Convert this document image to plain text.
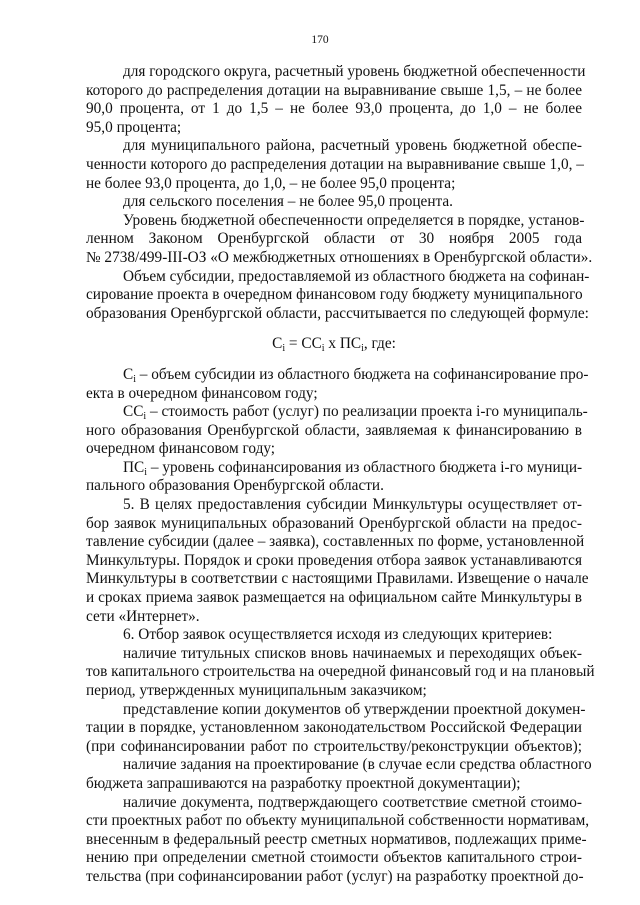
170
для городского округа, расчетный уровень бюджетной обеспеченности
которого до распределения дотации на выравнивание свыше 1,5, – не более
90,0 процента, от 1 до 1,5 – не более 93,0 процента, до 1,0 – не более
95,0 процента;
для муниципального района, расчетный уровень бюджетной обеспе-
ченности которого до распределения дотации на выравнивание свыше 1,0, –
не более 93,0 процента, до 1,0, – не более 95,0 процента;
для сельского поселения – не более 95,0 процента.
Уровень бюджетной обеспеченности определяется в порядке, установ-
ленном Законом Оренбургской области от 30 ноября 2005 года
№ 2738/499-III-ОЗ «О межбюджетных отношениях в Оренбургской области».
Объем субсидии, предоставляемой из областного бюджета на софинан-
сирование проекта в очередном финансовом году бюджету муниципального
образования Оренбургской области, рассчитывается по следующей формуле:
$С_i = СС_i$ х $ПС_i$, где:
$С_i$ – объем субсидии из областного бюджета на софинансирование про-
екта в очередном финансовом году;
$СС_i$ – стоимость работ (услуг) по реализации проекта i-го муниципаль-
ного образования Оренбургской области, заявляемая к финансированию в
очередном финансовом году;
$ПС_i$ – уровень софинансирования из областного бюджета i-го муници-
пального образования Оренбургской области.
5. В целях предоставления субсидии Минкультуры осуществляет от-
бор заявок муниципальных образований Оренбургской области на предос-
тавление субсидии (далее – заявка), составленных по форме, установленной
Минкультуры. Порядок и сроки проведения отбора заявок устанавливаются
Минкультуры в соответствии с настоящими Правилами. Извещение о начале
и сроках приема заявок размещается на официальном сайте Минкультуры в
сети «Интернет».
6. Отбор заявок осуществляется исходя из следующих критериев:
наличие титульных списков вновь начинаемых и переходящих объек-
тов капитального строительства на очередной финансовый год и на плановый
период, утвержденных муниципальным заказчиком;
представление копии документов об утверждении проектной докумен-
тации в порядке, установленном законодательством Российской Федерации
(при софинансировании работ по строительству/реконструкции объектов);
наличие задания на проектирование (в случае если средства областного
бюджета запрашиваются на разработку проектной документации);
наличие документа, подтверждающего соответствие сметной стоимо-
сти проектных работ по объекту муниципальной собственности нормативам,
внесенным в федеральный реестр сметных нормативов, подлежащих приме-
нению при определении сметной стоимости объектов капитального строи-
тельства (при софинансировании работ (услуг) на разработку проектной до-
